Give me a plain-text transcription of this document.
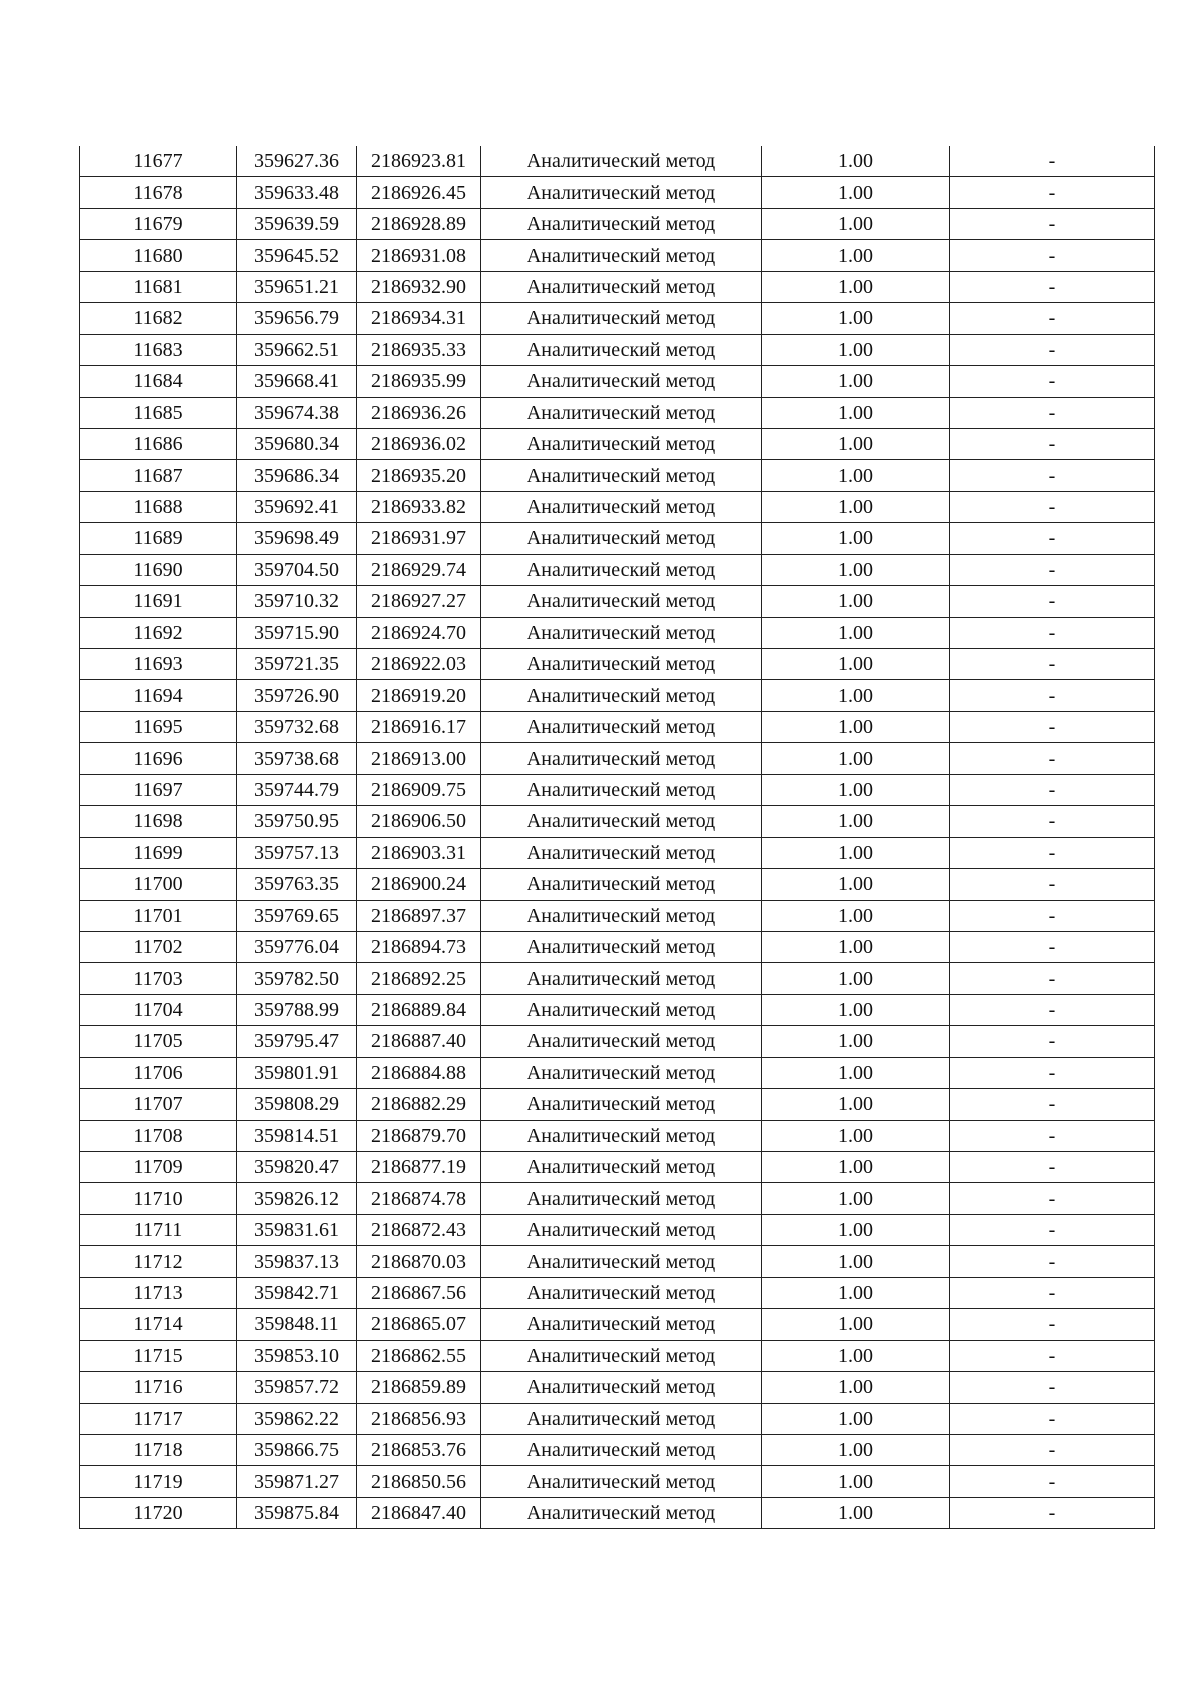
11677	359627.36	2186923.81	Аналитический метод	1.00	-
11678	359633.48	2186926.45	Аналитический метод	1.00	-
11679	359639.59	2186928.89	Аналитический метод	1.00	-
11680	359645.52	2186931.08	Аналитический метод	1.00	-
11681	359651.21	2186932.90	Аналитический метод	1.00	-
11682	359656.79	2186934.31	Аналитический метод	1.00	-
11683	359662.51	2186935.33	Аналитический метод	1.00	-
11684	359668.41	2186935.99	Аналитический метод	1.00	-
11685	359674.38	2186936.26	Аналитический метод	1.00	-
11686	359680.34	2186936.02	Аналитический метод	1.00	-
11687	359686.34	2186935.20	Аналитический метод	1.00	-
11688	359692.41	2186933.82	Аналитический метод	1.00	-
11689	359698.49	2186931.97	Аналитический метод	1.00	-
11690	359704.50	2186929.74	Аналитический метод	1.00	-
11691	359710.32	2186927.27	Аналитический метод	1.00	-
11692	359715.90	2186924.70	Аналитический метод	1.00	-
11693	359721.35	2186922.03	Аналитический метод	1.00	-
11694	359726.90	2186919.20	Аналитический метод	1.00	-
11695	359732.68	2186916.17	Аналитический метод	1.00	-
11696	359738.68	2186913.00	Аналитический метод	1.00	-
11697	359744.79	2186909.75	Аналитический метод	1.00	-
11698	359750.95	2186906.50	Аналитический метод	1.00	-
11699	359757.13	2186903.31	Аналитический метод	1.00	-
11700	359763.35	2186900.24	Аналитический метод	1.00	-
11701	359769.65	2186897.37	Аналитический метод	1.00	-
11702	359776.04	2186894.73	Аналитический метод	1.00	-
11703	359782.50	2186892.25	Аналитический метод	1.00	-
11704	359788.99	2186889.84	Аналитический метод	1.00	-
11705	359795.47	2186887.40	Аналитический метод	1.00	-
11706	359801.91	2186884.88	Аналитический метод	1.00	-
11707	359808.29	2186882.29	Аналитический метод	1.00	-
11708	359814.51	2186879.70	Аналитический метод	1.00	-
11709	359820.47	2186877.19	Аналитический метод	1.00	-
11710	359826.12	2186874.78	Аналитический метод	1.00	-
11711	359831.61	2186872.43	Аналитический метод	1.00	-
11712	359837.13	2186870.03	Аналитический метод	1.00	-
11713	359842.71	2186867.56	Аналитический метод	1.00	-
11714	359848.11	2186865.07	Аналитический метод	1.00	-
11715	359853.10	2186862.55	Аналитический метод	1.00	-
11716	359857.72	2186859.89	Аналитический метод	1.00	-
11717	359862.22	2186856.93	Аналитический метод	1.00	-
11718	359866.75	2186853.76	Аналитический метод	1.00	-
11719	359871.27	2186850.56	Аналитический метод	1.00	-
11720	359875.84	2186847.40	Аналитический метод	1.00	-
